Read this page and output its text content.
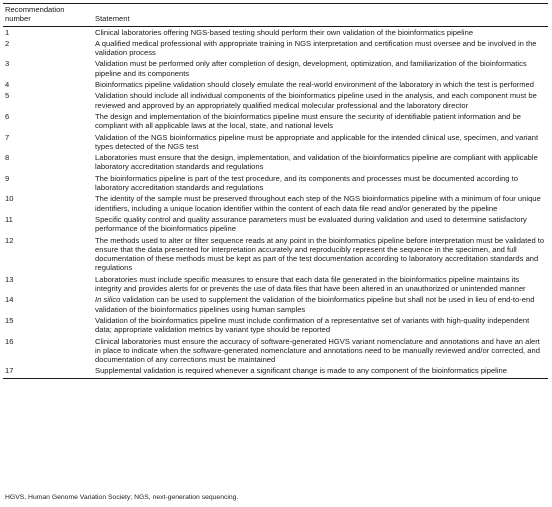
Recommendation number	Statement
1	Clinical laboratories offering NGS-based testing should perform their own validation of the bioinformatics pipeline
2	A qualified medical professional with appropriate training in NGS interpretation and certification must oversee and be involved in the validation process
3	Validation must be performed only after completion of design, development, optimization, and familiarization of the bioinformatics pipeline and its components
4	Bioinformatics pipeline validation should closely emulate the real-world environment of the laboratory in which the test is performed
5	Validation should include all individual components of the bioinformatics pipeline used in the analysis, and each component must be reviewed and approved by an appropriately qualified medical molecular professional and the laboratory director
6	The design and implementation of the bioinformatics pipeline must ensure the security of identifiable patient information and be compliant with all applicable laws at the local, state, and national levels
7	Validation of the NGS bioinformatics pipeline must be appropriate and applicable for the intended clinical use, specimen, and variant types detected of the NGS test
8	Laboratories must ensure that the design, implementation, and validation of the bioinformatics pipeline are compliant with applicable laboratory accreditation standards and regulations
9	The bioinformatics pipeline is part of the test procedure, and its components and processes must be documented according to laboratory accreditation standards and regulations
10	The identity of the sample must be preserved throughout each step of the NGS bioinformatics pipeline with a minimum of four unique identifiers, including a unique location identifier within the content of each data file read and/or generated by the pipeline
11	Specific quality control and quality assurance parameters must be evaluated during validation and used to determine satisfactory performance of the bioinformatics pipeline
12	The methods used to alter or filter sequence reads at any point in the bioinformatics pipeline before interpretation must be validated to ensure that the data presented for interpretation accurately and reproducibly represent the sequence in the specimen, and full documentation of these methods must be kept as part of the test documentation according to laboratory accreditation standards and regulations
13	Laboratories must include specific measures to ensure that each data file generated in the bioinformatics pipeline maintains its integrity and provides alerts for or prevents the use of data files that have been altered in an unauthorized or unintended manner
14	In silico validation can be used to supplement the validation of the bioinformatics pipeline but shall not be used in lieu of end-to-end validation of the bioinformatics pipelines using human samples
15	Validation of the bioinformatics pipeline must include confirmation of a representative set of variants with high-quality independent data; appropriate validation metrics by variant type should be reported
16	Clinical laboratories must ensure the accuracy of software-generated HGVS variant nomenclature and annotations and have an alert in place to indicate when the software-generated nomenclature and annotations need to be manually reviewed and/or corrected, and documentation of any corrections must be maintained
17	Supplemental validation is required whenever a significant change is made to any component of the bioinformatics pipeline
HGVS, Human Genome Variation Society; NGS, next-generation sequencing.
